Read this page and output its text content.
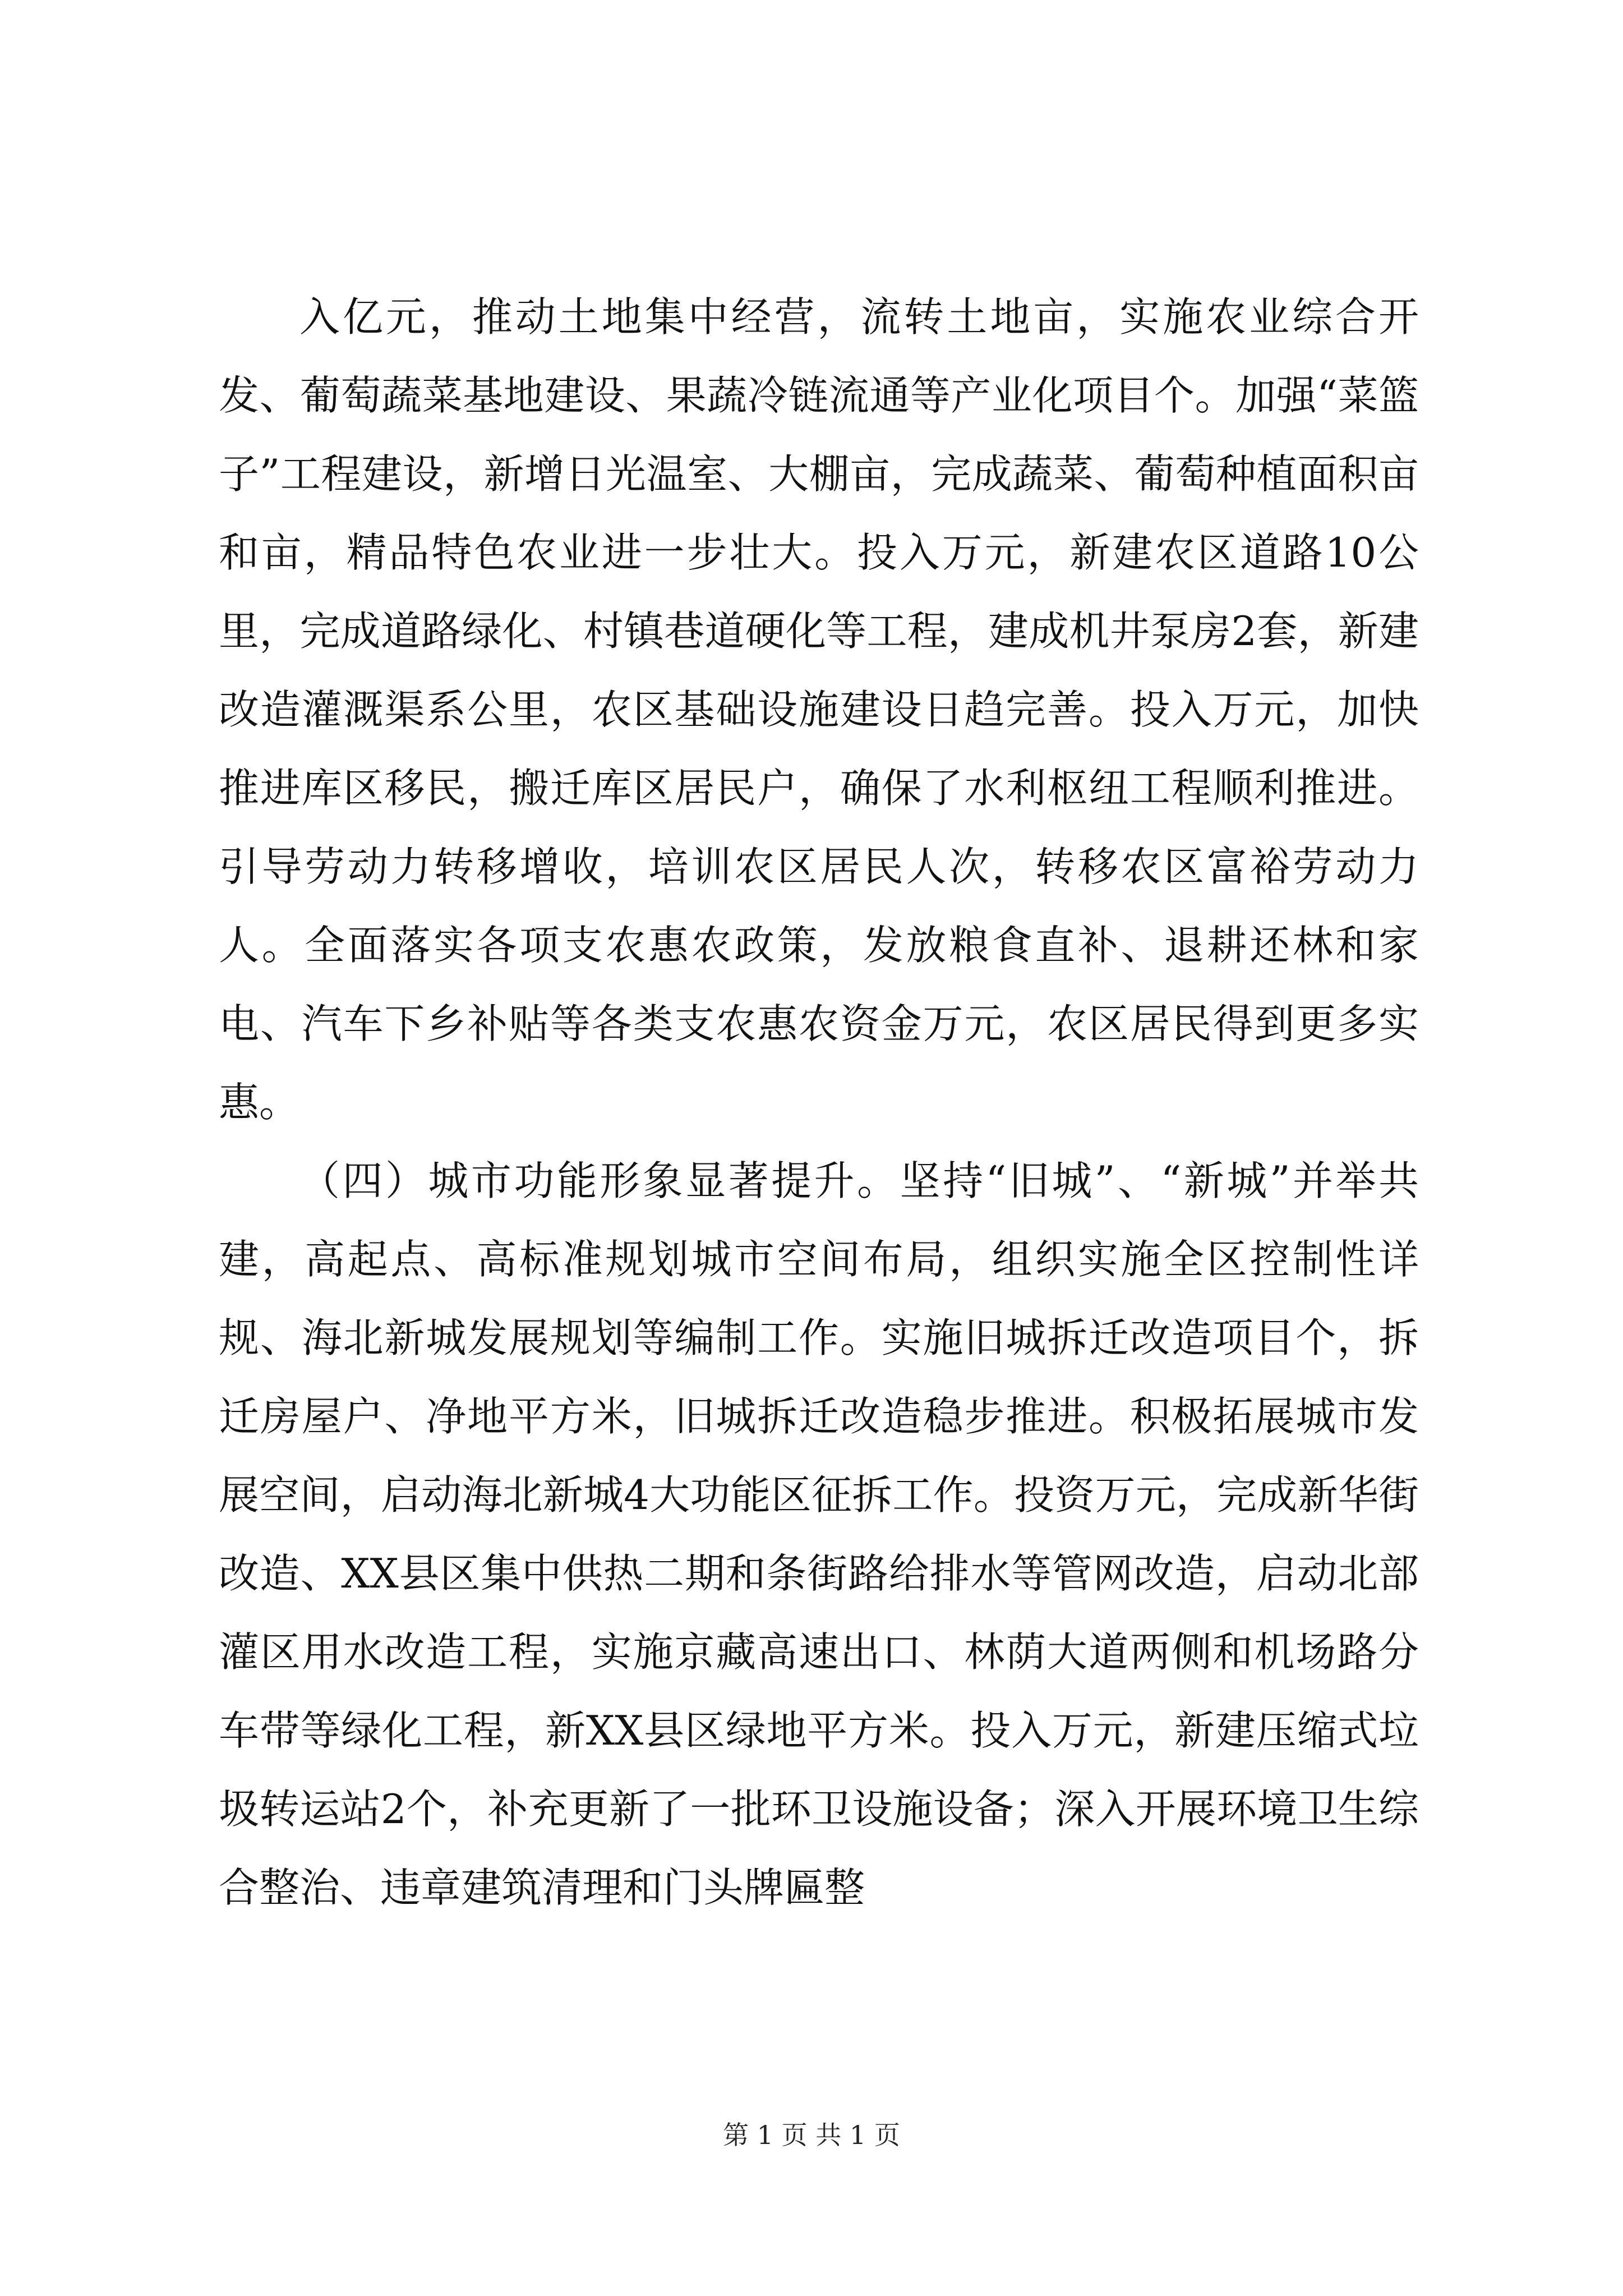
入亿元，推动土地集中经营，流转土地亩，实施农业综合开发、葡萄蔬菜基地建设、果蔬冷链流通等产业化项目个。加强“菜篮子”工程建设，新增日光温室、大棚亩，完成蔬菜、葡萄种植面积亩和亩，精品特色农业进一步壮大。投入万元，新建农区道路10公里，完成道路绿化、村镇巷道硬化等工程，建成机井泵房2套，新建改造灌溉渠系公里，农区基础设施建设日趋完善。投入万元，加快推进库区移民，搬迁库区居民户，确保了水利枢纽工程顺利推进。引导劳动力转移增收，培训农区居民人次，转移农区富裕劳动力人。全面落实各项支农惠农政策，发放粮食直补、退耕还林和家电、汽车下乡补贴等各类支农惠农资金万元，农区居民得到更多实惠。

（四）城市功能形象显著提升。坚持“旧城”、“新城”并举共建，高起点、高标准规划城市空间布局，组织实施全区控制性详规、海北新城发展规划等编制工作。实施旧城拆迁改造项目个，拆迁房屋户、净地平方米，旧城拆迁改造稳步推进。积极拓展城市发展空间，启动海北新城4大功能区征拆工作。投资万元，完成新华街改造、XX县区集中供热二期和条街路给排水等管网改造，启动北部灌区用水改造工程，实施京藏高速出口、林荫大道两侧和机场路分车带等绿化工程，新XX县区绿地平方米。投入万元，新建压缩式垃圾转运站2个，补充更新了一批环卫设施设备；深入开展环境卫生综合整治、违章建筑清理和门头牌匾整

第 1 页 共 1 页
